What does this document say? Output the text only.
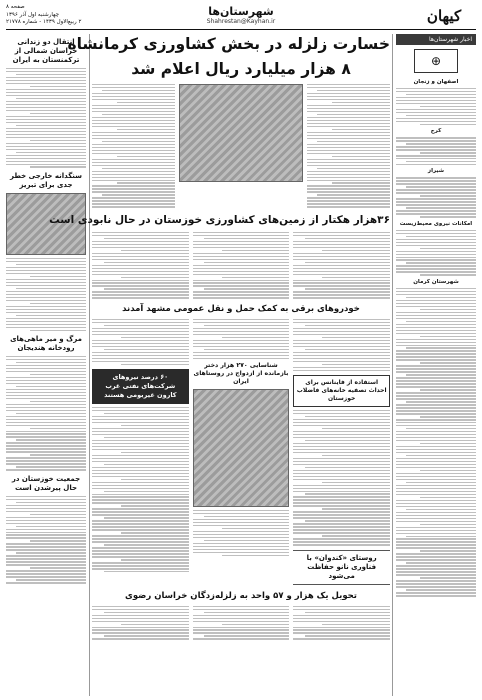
کیهان
شهرستان‌ها
Shahrestan@Kayhan.ir
صفحه ۸
چهارشنبه اول آذر ۱۳۹۶
۲ ربیع‌الاول ۱۴۳۹ - شماره ۲۱۷۷۸
اخبار شهرستان‌ها
⊕
اصفهان و زنجان
کرج
شیراز
امکانات نیروی محیط‌زیست
شهرستان کرمان
انتقال دو زندانی خراسان شمالی از ترکمنستان به ایران
سنگدانه خارجی خطر جدی برای تبریز
مرگ و میر ماهی‌های رودخانه هندیجان
جمعیت خوزستان در حال پیرشدن است
خسارت زلزله در بخش کشاورزی کرمانشاه
۸ هزار میلیارد ریال اعلام شد
۳۶هزار هکتار از زمین‌های کشاورزی خوزستان در حال نابودی است
خودروهای برقی به کمک حمل و نقل عمومی مشهد آمدند
استفاده از فاینانس برای احداث تصفیه خانه‌های فاضلاب خوزستان
روستای «کندوان» با فناوری نانو حفاظت می‌شود
شناسایی ۲۷۰ هزار دختر بازمانده از ازدواج در روستاهای ایران
۶۰ درصد نیروهای شرکت‌های نفتی غرب کارون غیربومی هستند
تحویل یک هزار و ۵۷ واحد به زلزله‌زدگان خراسان رضوی
